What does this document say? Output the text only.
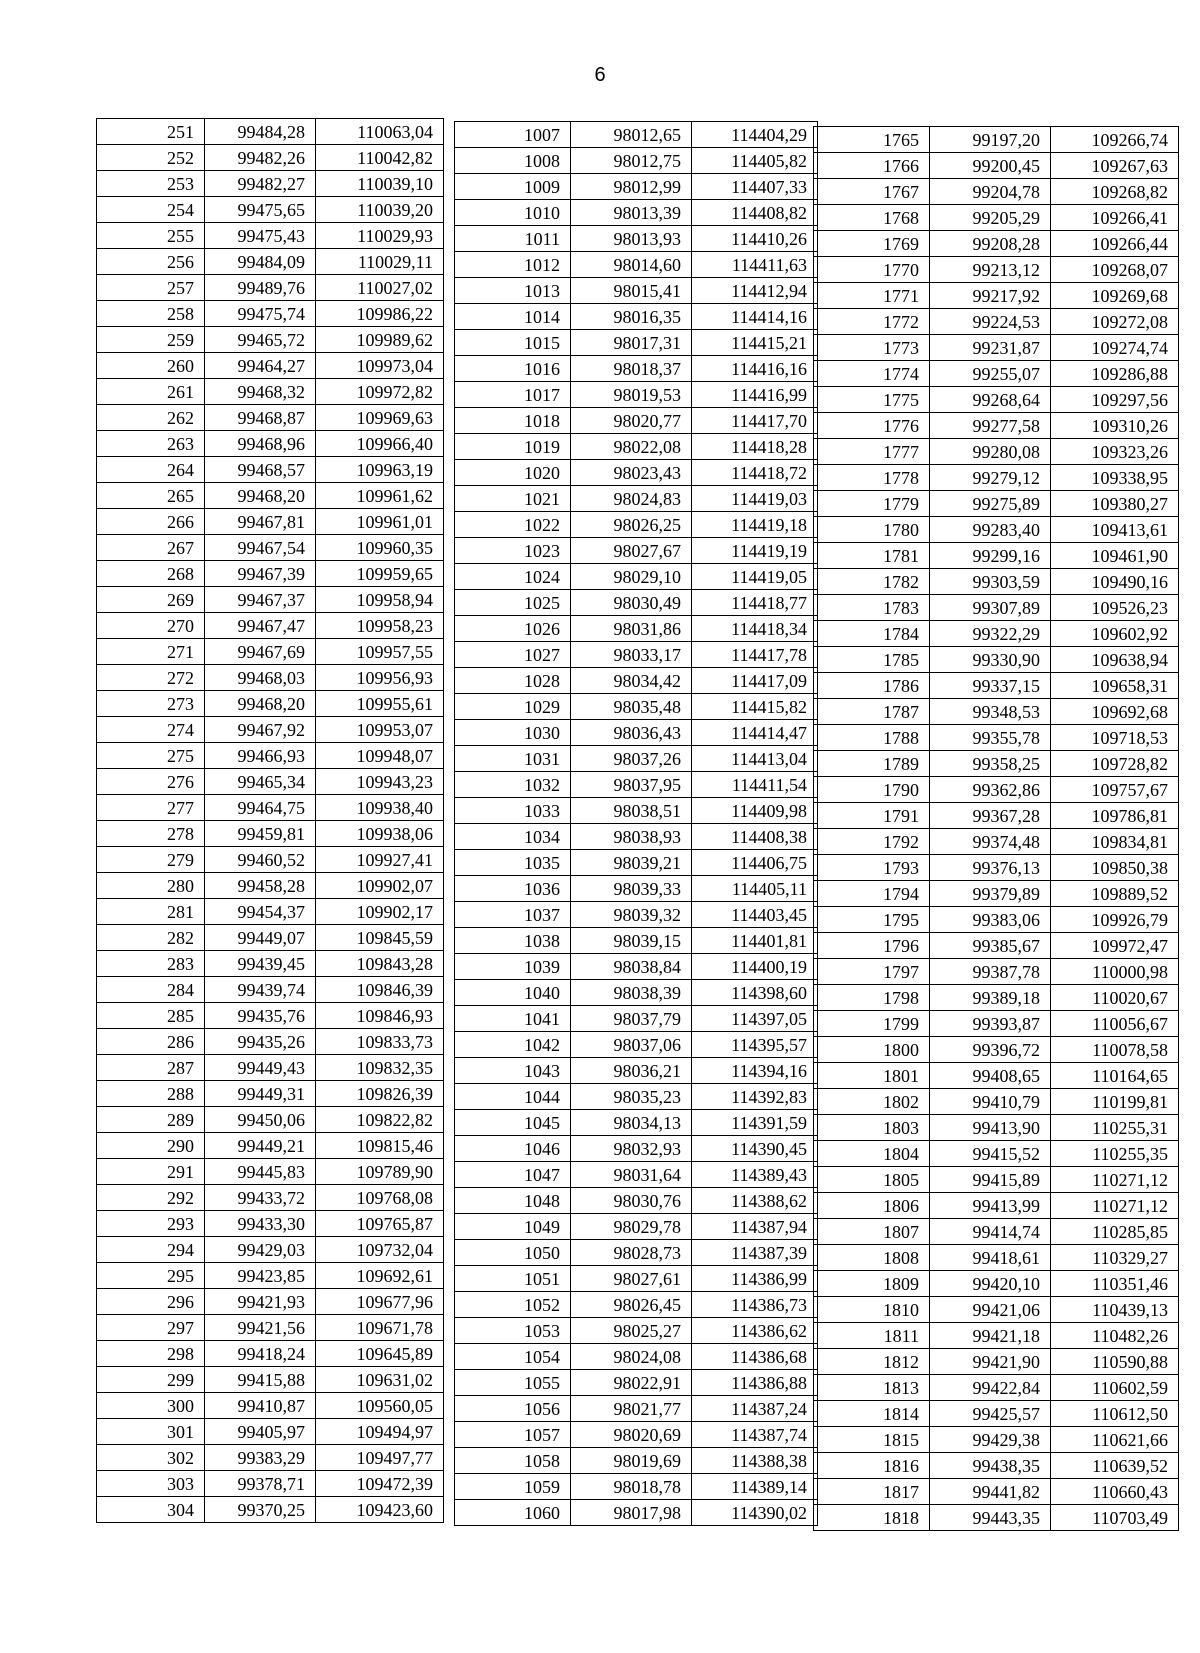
6
251	99484,28	110063,04
252	99482,26	110042,82
253	99482,27	110039,10
254	99475,65	110039,20
255	99475,43	110029,93
256	99484,09	110029,11
257	99489,76	110027,02
258	99475,74	109986,22
259	99465,72	109989,62
260	99464,27	109973,04
261	99468,32	109972,82
262	99468,87	109969,63
263	99468,96	109966,40
264	99468,57	109963,19
265	99468,20	109961,62
266	99467,81	109961,01
267	99467,54	109960,35
268	99467,39	109959,65
269	99467,37	109958,94
270	99467,47	109958,23
271	99467,69	109957,55
272	99468,03	109956,93
273	99468,20	109955,61
274	99467,92	109953,07
275	99466,93	109948,07
276	99465,34	109943,23
277	99464,75	109938,40
278	99459,81	109938,06
279	99460,52	109927,41
280	99458,28	109902,07
281	99454,37	109902,17
282	99449,07	109845,59
283	99439,45	109843,28
284	99439,74	109846,39
285	99435,76	109846,93
286	99435,26	109833,73
287	99449,43	109832,35
288	99449,31	109826,39
289	99450,06	109822,82
290	99449,21	109815,46
291	99445,83	109789,90
292	99433,72	109768,08
293	99433,30	109765,87
294	99429,03	109732,04
295	99423,85	109692,61
296	99421,93	109677,96
297	99421,56	109671,78
298	99418,24	109645,89
299	99415,88	109631,02
300	99410,87	109560,05
301	99405,97	109494,97
302	99383,29	109497,77
303	99378,71	109472,39
304	99370,25	109423,60
1007	98012,65	114404,29
1008	98012,75	114405,82
1009	98012,99	114407,33
1010	98013,39	114408,82
1011	98013,93	114410,26
1012	98014,60	114411,63
1013	98015,41	114412,94
1014	98016,35	114414,16
1015	98017,31	114415,21
1016	98018,37	114416,16
1017	98019,53	114416,99
1018	98020,77	114417,70
1019	98022,08	114418,28
1020	98023,43	114418,72
1021	98024,83	114419,03
1022	98026,25	114419,18
1023	98027,67	114419,19
1024	98029,10	114419,05
1025	98030,49	114418,77
1026	98031,86	114418,34
1027	98033,17	114417,78
1028	98034,42	114417,09
1029	98035,48	114415,82
1030	98036,43	114414,47
1031	98037,26	114413,04
1032	98037,95	114411,54
1033	98038,51	114409,98
1034	98038,93	114408,38
1035	98039,21	114406,75
1036	98039,33	114405,11
1037	98039,32	114403,45
1038	98039,15	114401,81
1039	98038,84	114400,19
1040	98038,39	114398,60
1041	98037,79	114397,05
1042	98037,06	114395,57
1043	98036,21	114394,16
1044	98035,23	114392,83
1045	98034,13	114391,59
1046	98032,93	114390,45
1047	98031,64	114389,43
1048	98030,76	114388,62
1049	98029,78	114387,94
1050	98028,73	114387,39
1051	98027,61	114386,99
1052	98026,45	114386,73
1053	98025,27	114386,62
1054	98024,08	114386,68
1055	98022,91	114386,88
1056	98021,77	114387,24
1057	98020,69	114387,74
1058	98019,69	114388,38
1059	98018,78	114389,14
1060	98017,98	114390,02
1765	99197,20	109266,74
1766	99200,45	109267,63
1767	99204,78	109268,82
1768	99205,29	109266,41
1769	99208,28	109266,44
1770	99213,12	109268,07
1771	99217,92	109269,68
1772	99224,53	109272,08
1773	99231,87	109274,74
1774	99255,07	109286,88
1775	99268,64	109297,56
1776	99277,58	109310,26
1777	99280,08	109323,26
1778	99279,12	109338,95
1779	99275,89	109380,27
1780	99283,40	109413,61
1781	99299,16	109461,90
1782	99303,59	109490,16
1783	99307,89	109526,23
1784	99322,29	109602,92
1785	99330,90	109638,94
1786	99337,15	109658,31
1787	99348,53	109692,68
1788	99355,78	109718,53
1789	99358,25	109728,82
1790	99362,86	109757,67
1791	99367,28	109786,81
1792	99374,48	109834,81
1793	99376,13	109850,38
1794	99379,89	109889,52
1795	99383,06	109926,79
1796	99385,67	109972,47
1797	99387,78	110000,98
1798	99389,18	110020,67
1799	99393,87	110056,67
1800	99396,72	110078,58
1801	99408,65	110164,65
1802	99410,79	110199,81
1803	99413,90	110255,31
1804	99415,52	110255,35
1805	99415,89	110271,12
1806	99413,99	110271,12
1807	99414,74	110285,85
1808	99418,61	110329,27
1809	99420,10	110351,46
1810	99421,06	110439,13
1811	99421,18	110482,26
1812	99421,90	110590,88
1813	99422,84	110602,59
1814	99425,57	110612,50
1815	99429,38	110621,66
1816	99438,35	110639,52
1817	99441,82	110660,43
1818	99443,35	110703,49
